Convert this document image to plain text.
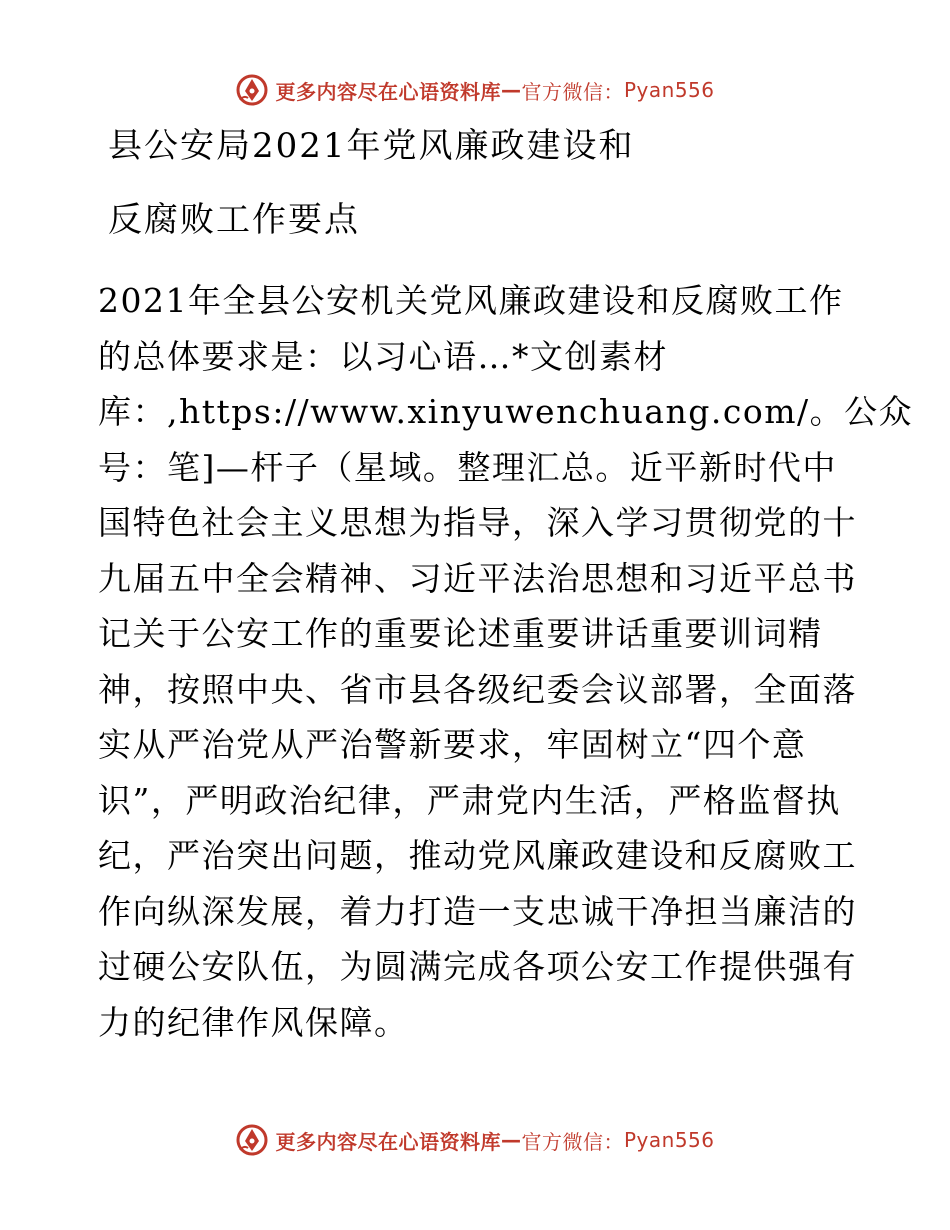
更多内容尽在心语资料库 — 官方微信： Pyan556
县公安局2021年党风廉政建设和
反腐败工作要点
2021年全县公安机关党风廉政建设和反腐败工作
的总体要求是：以习心语…*文创素材
库：,https://www.xinyuwenchuang.com/。公众
号：笔]—杆子（星域。整理汇总。近平新时代中
国特色社会主义思想为指导，深入学习贯彻党的十
九届五中全会精神、习近平法治思想和习近平总书
记关于公安工作的重要论述重要讲话重要训词精
神，按照中央、省市县各级纪委会议部署，全面落
实从严治党从严治警新要求，牢固树立“四个意
识”，严明政治纪律，严肃党内生活，严格监督执
纪，严治突出问题，推动党风廉政建设和反腐败工
作向纵深发展，着力打造一支忠诚干净担当廉洁的
过硬公安队伍，为圆满完成各项公安工作提供强有
力的纪律作风保障。
更多内容尽在心语资料库 — 官方微信： Pyan556
